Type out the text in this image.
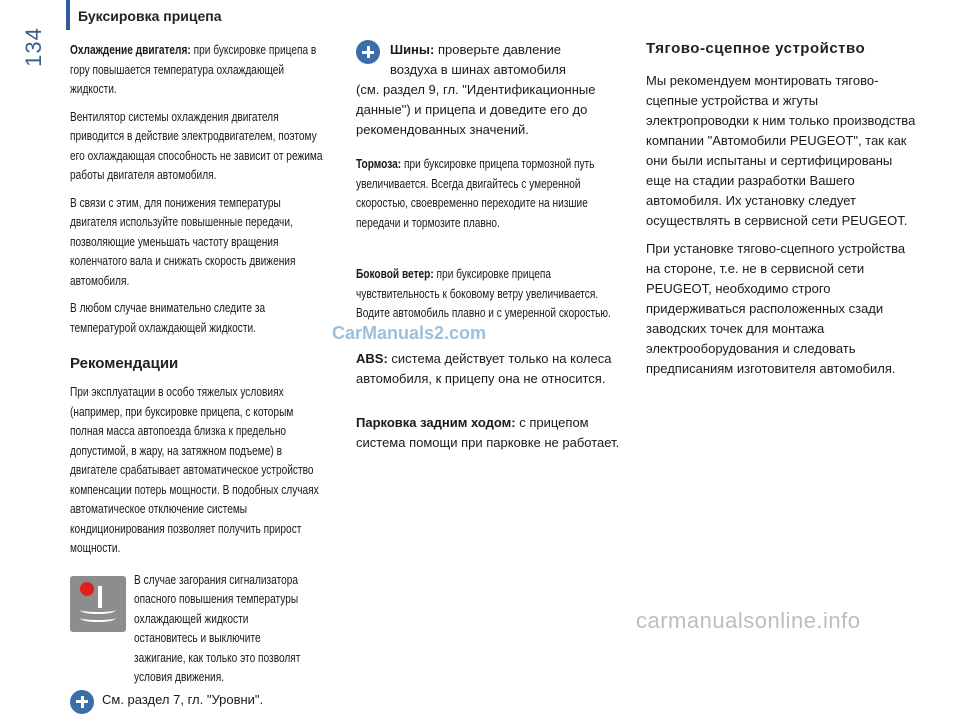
134
Буксировка прицепа

Охлаждение двигателя: при буксировке прицепа в гору повышается температура охлаждающей жидкости.

Вентилятор системы охлаждения двигателя приводится в действие электродвигателем, поэтому его охлаждающая способность не зависит от режима работы двигателя автомобиля.

В связи с этим, для понижения температуры двигателя используйте повышенные передачи, позволяющие уменьшать частоту вращения коленчатого вала и снижать скорость движения автомобиля.

В любом случае внимательно следите за температурой охлаждающей жидкости.

Рекомендации

При эксплуатации в особо тяжелых условиях (например, при буксировке прицепа, с которым полная масса автопоезда близка к предельно допустимой, в жару, на затяжном подъеме) в двигателе срабатывает автоматическое устройство компенсации потерь мощности. В подобных случаях автоматическое отключение системы кондиционирования позволяет получить прирост мощности.

В случае загорания сигнализатора опасного повышения температуры охлаждающей жидкости остановитесь и выключите зажигание, как только это позволят условия движения.

См. раздел 7, гл. "Уровни".
Шины: проверьте давление
воздуха в шинах автомобиля
(см. раздел 9, гл. "Идентификационные данные") и прицепа и доведите его до рекомендованных значений.

Тормоза: при буксировке прицепа тормозной путь увеличивается. Всегда двигайтесь с умеренной скоростью, своевременно переходите на низшие передачи и тормозите плавно.

Боковой ветер: при буксировке прицепа чувствительность к боковому ветру увеличивается. Водите автомобиль плавно и с умеренной скоростью.

ABS: система действует только на колеса автомобиля, к прицепу она не относится.

Парковка задним ходом: с прицепом система помощи при парковке не работает.

Тягово-сцепное устройство

Мы рекомендуем монтировать тягово-сцепные устройства и жгуты электропроводки к ним только производства компании "Автомобили PEUGEOT", так как они были испытаны и сертифицированы еще на стадии разработки Вашего автомобиля. Их установку следует осуществлять в сервисной сети PEUGEOT.

При установке тягово-сцепного устройства на стороне, т.е. не в сервисной сети PEUGEOT, необходимо строго придерживаться расположенных сзади заводских точек для монтажа электрооборудования и следовать предписаниям изготовителя автомобиля.

CarManuals2.com
carmanualsonline.info
